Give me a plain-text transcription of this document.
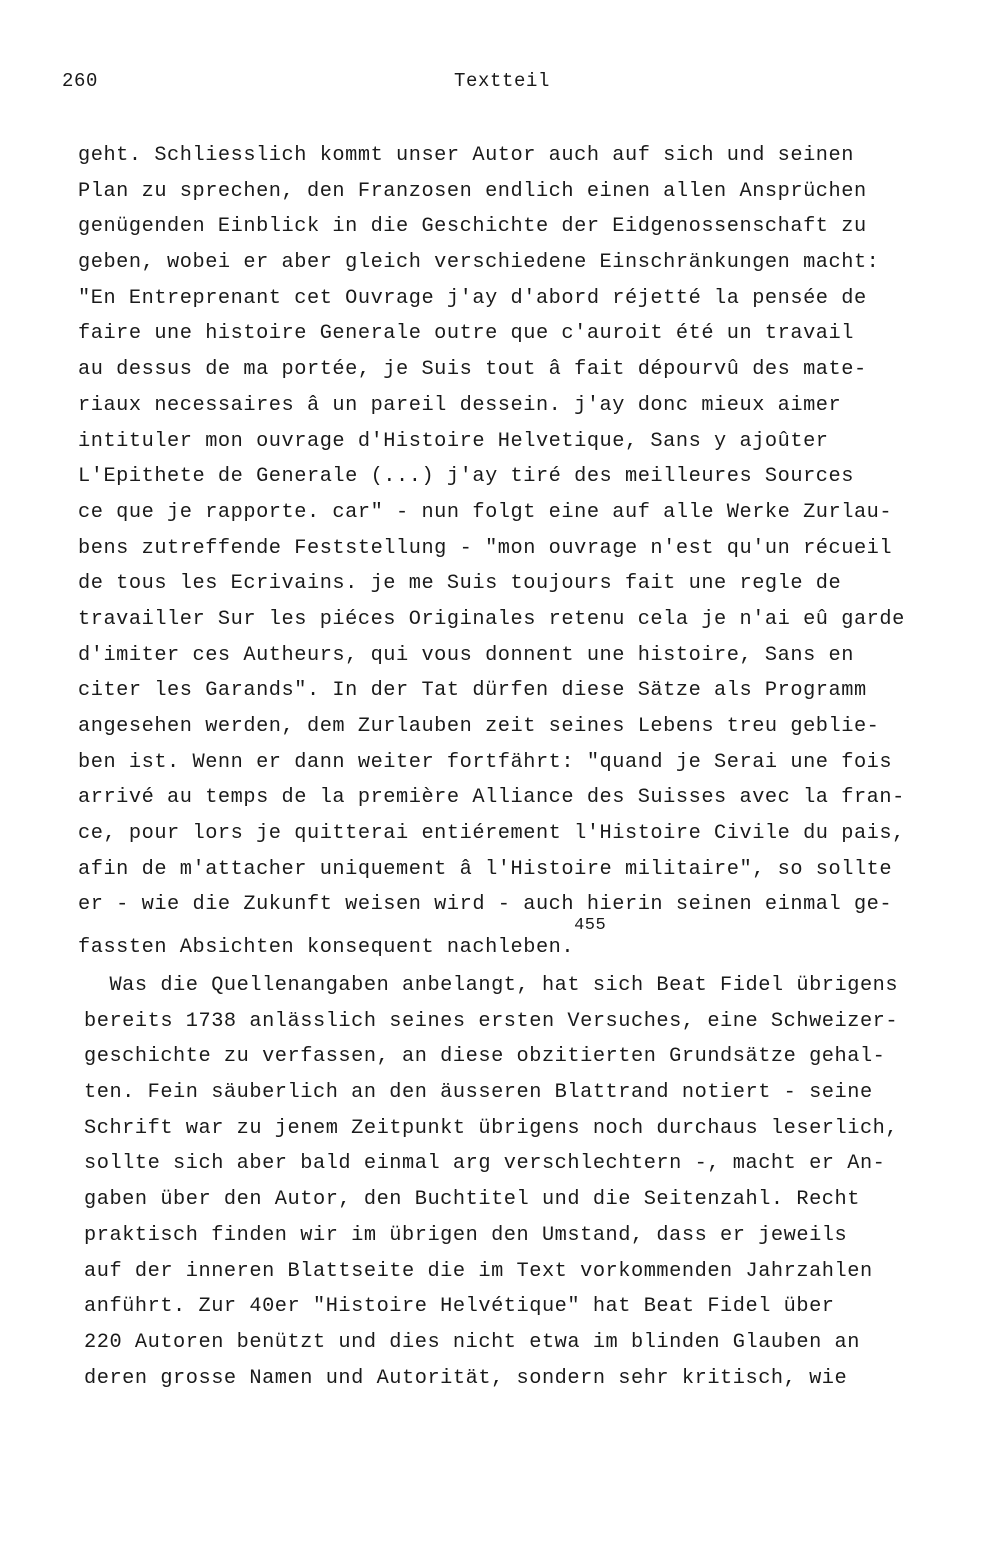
260	Textteil
geht. Schliesslich kommt unser Autor auch auf sich und seinen
Plan zu sprechen, den Franzosen endlich einen allen Ansprüchen
genügenden Einblick in die Geschichte der Eidgenossenschaft zu
geben, wobei er aber gleich verschiedene Einschränkungen macht:
"En Entreprenant cet Ouvrage j'ay d'abord réjetté la pensée de
faire une histoire Generale outre que c'auroit été un travail
au dessus de ma portée, je Suis tout â fait dépourvû des mate-
riaux necessaires â un pareil dessein. j'ay donc mieux aimer
intituler mon ouvrage d'Histoire Helvetique, Sans y ajoûter
L'Epithete de Generale (...) j'ay tiré des meilleures Sources
ce que je rapporte. car" - nun folgt eine auf alle Werke Zurlau-
bens zutreffende Feststellung - "mon ouvrage n'est qu'un récueil
de tous les Ecrivains. je me Suis toujours fait une regle de
travailler Sur les piéces Originales retenu cela je n'ai eû garde
d'imiter ces Autheurs, qui vous donnent une histoire, Sans en
citer les Garands". In der Tat dürfen diese Sätze als Programm
angesehen werden, dem Zurlauben zeit seines Lebens treu geblie-
ben ist. Wenn er dann weiter fortfährt: "quand je Serai une fois
arrivé au temps de la première Alliance des Suisses avec la fran-
ce, pour lors je quitterai entiérement l'Histoire Civile du pais,
afin de m'attacher uniquement â l'Histoire militaire", so sollte
er - wie die Zukunft weisen wird - auch hierin seinen einmal ge-
fassten Absichten konsequent nachleben.$^{455}$
Was die Quellenangaben anbelangt, hat sich Beat Fidel übrigens
bereits 1738 anlässlich seines ersten Versuches, eine Schweizer-
geschichte zu verfassen, an diese obzitierten Grundsätze gehal-
ten. Fein säuberlich an den äusseren Blattrand notiert - seine
Schrift war zu jenem Zeitpunkt übrigens noch durchaus leserlich,
sollte sich aber bald einmal arg verschlechtern -, macht er An-
gaben über den Autor, den Buchtitel und die Seitenzahl. Recht
praktisch finden wir im übrigen den Umstand, dass er jeweils
auf der inneren Blattseite die im Text vorkommenden Jahrzahlen
anführt. Zur 40er "Histoire Helvétique" hat Beat Fidel über
220 Autoren benützt und dies nicht etwa im blinden Glauben an
deren grosse Namen und Autorität, sondern sehr kritisch, wie
